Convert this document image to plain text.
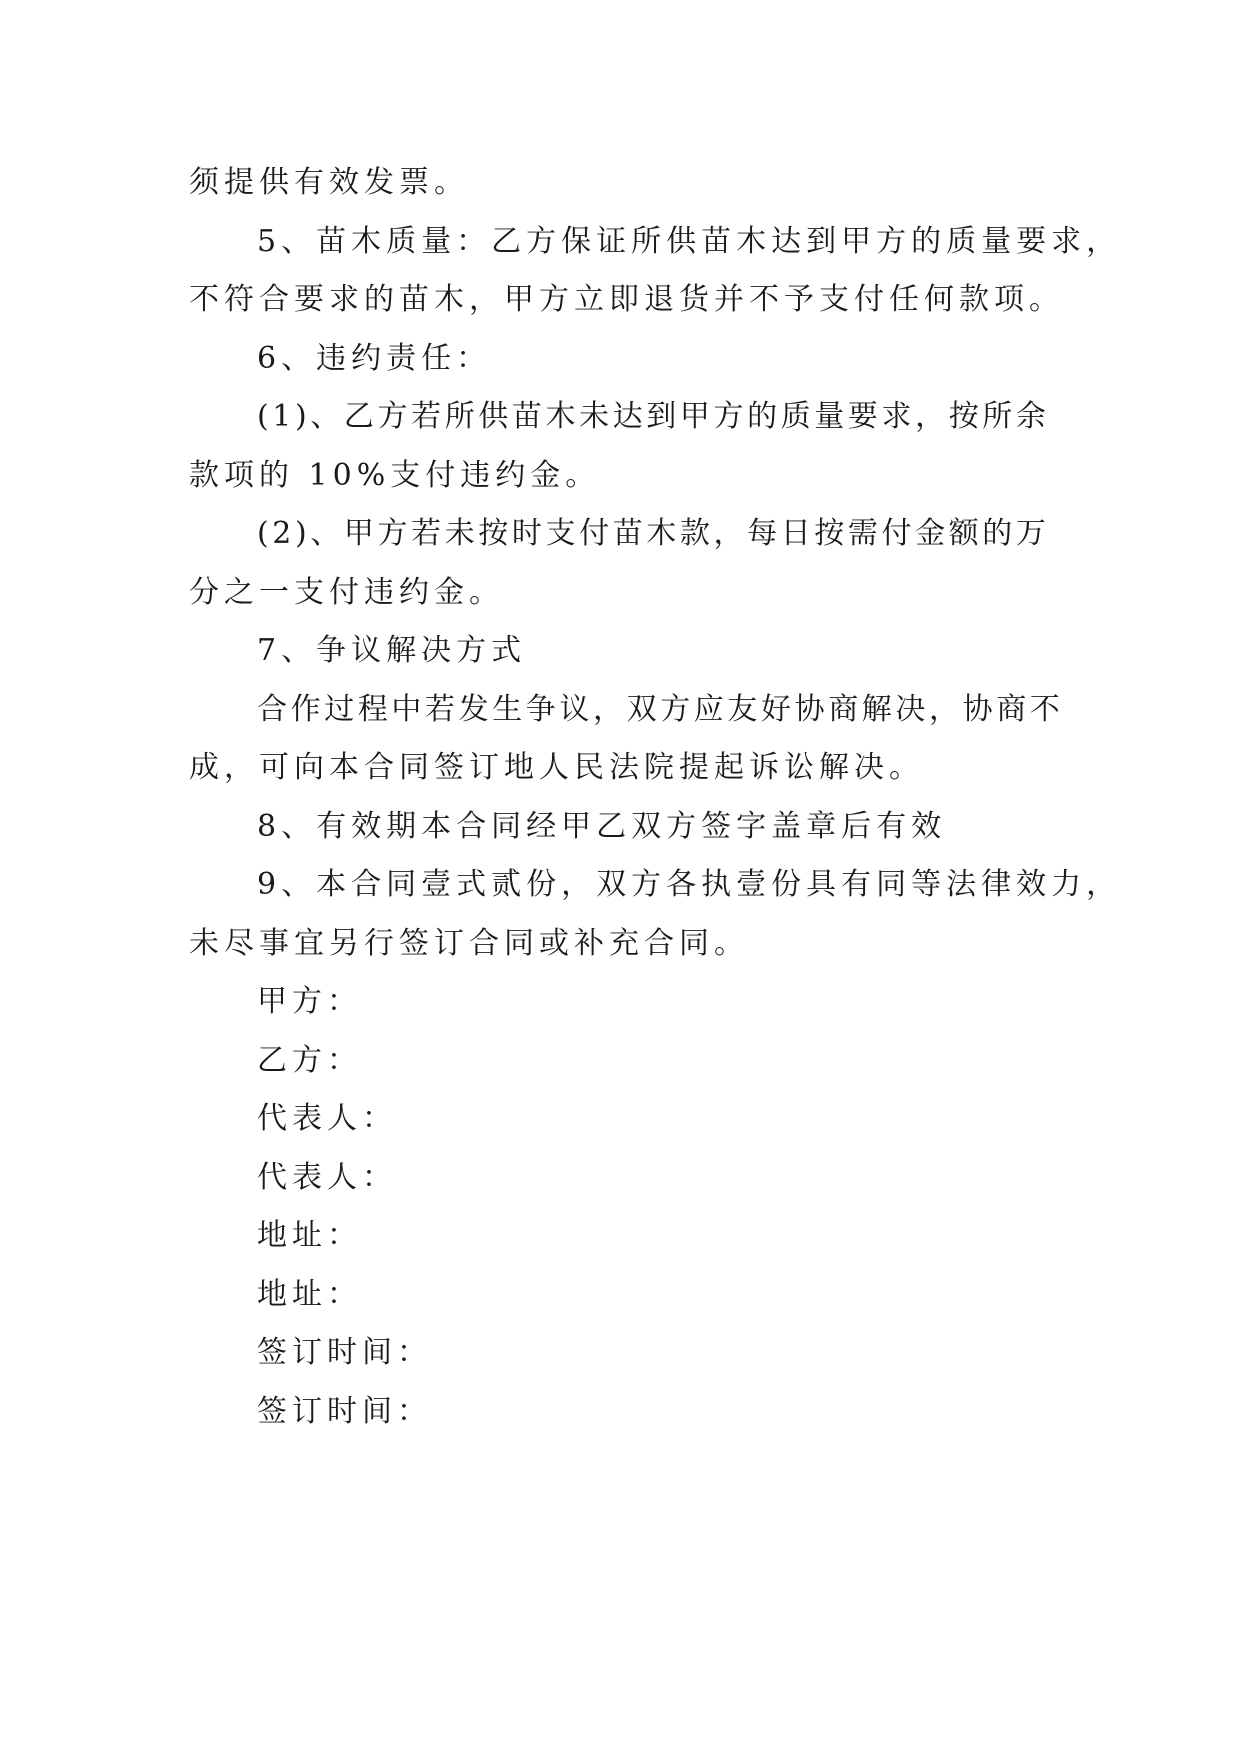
须提供有效发票。
5、苗木质量：乙方保证所供苗木达到甲方的质量要求，
不符合要求的苗木，甲方立即退货并不予支付任何款项。
6、违约责任：
(1)、乙方若所供苗木未达到甲方的质量要求，按所余
款项的 10%支付违约金。
(2)、甲方若未按时支付苗木款，每日按需付金额的万
分之一支付违约金。
7、争议解决方式
合作过程中若发生争议，双方应友好协商解决，协商不
成，可向本合同签订地人民法院提起诉讼解决。
8、有效期本合同经甲乙双方签字盖章后有效
9、本合同壹式贰份，双方各执壹份具有同等法律效力，
未尽事宜另行签订合同或补充合同。
甲方：
乙方：
代表人：
代表人：
地址：
地址：
签订时间：
签订时间：
